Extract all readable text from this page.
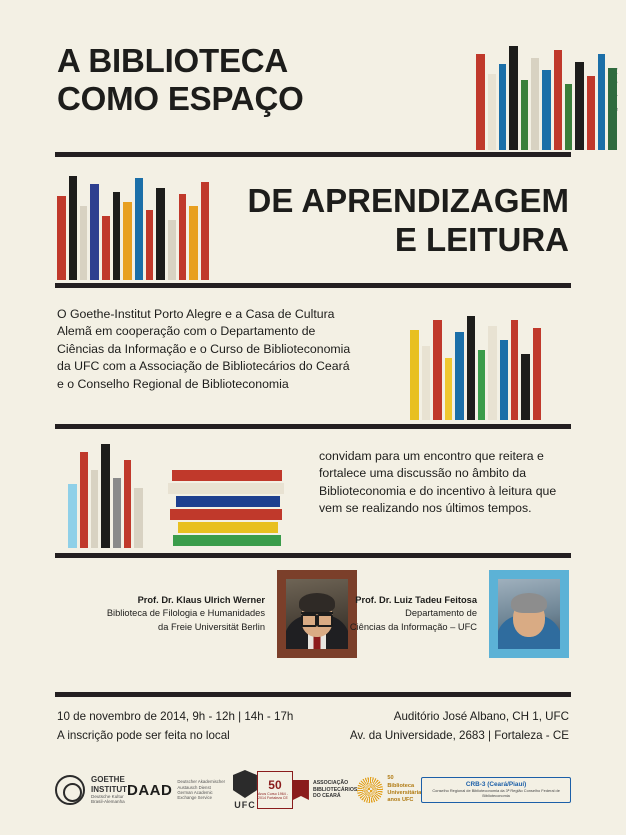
A BIBLIOTECA
COMO ESPAÇO
DE APRENDIZAGEM
E LEITURA
O Goethe-Institut Porto Alegre e a Casa de Cultura Alemã em cooperação com o Departamento de Ciências da Informação e o Curso de Biblioteconomia da UFC com a Associação de Bibliotecários do Ceará e o Conselho Regional de Biblioteconomia
convidam para um encontro que reitera e fortalece uma discussão no âmbito da Biblioteconomia e do incentivo à leitura que vem se realizando nos últimos tempos.
Prof. Dr. Klaus Ulrich Werner
Biblioteca de Filologia e Humanidades
da Freie Universität Berlin
Prof. Dr. Luiz Tadeu Feitosa
Departamento de
Ciências da Informação – UFC
10 de novembro de 2014, 9h - 12h | 14h - 17h
A inscrição pode ser feita no local
Auditório José Albano, CH 1, UFC
Av. da Universidade, 2683 | Fortaleza - CE
GOETHE
INSTITUT
Deutsche Kultur
Brasil-Alemanha
DAAD Deutscher Akademischer Austausch Dienst
German Academic Exchange Service
UFC
50
Anos Curso 1964 - 2014 Fortaleza CE
ASSOCIAÇÃO
BIBLIOTECÁRIOS
DO CEARÁ
50
Biblioteca
Universitária
anos UFC
CRB-3 (Ceará/Piauí)
Conselho Regional de Biblioteconomia da 3ª Região Conselho Federal de Biblioteconomia
